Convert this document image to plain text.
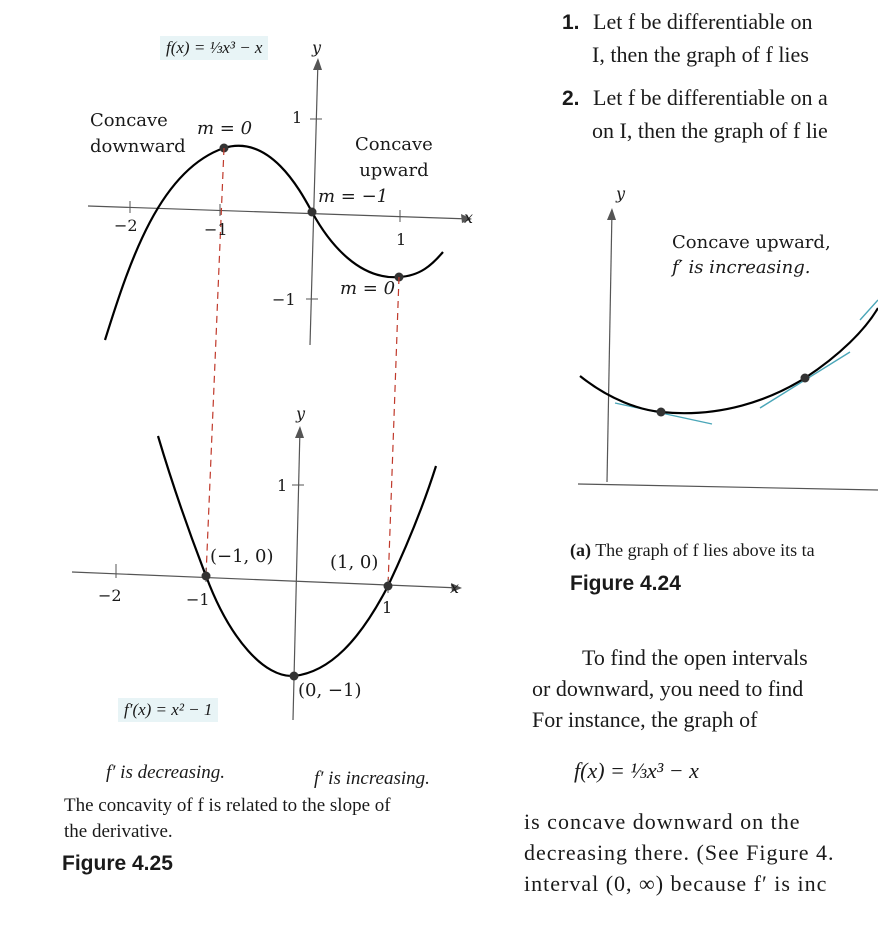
f(x) = ⅓x³ − x	y
x
Concave
downward	Concave
upward
m = 0
m = −1
m = 0
1
−1
−2	−1
1
y
x
1
−2	−1	1
(−1, 0)	(1, 0)
(0, −1)
f′(x) = x² − 1
f′ is decreasing.	f′ is increasing.
The concavity of f is related to the slope of
the derivative.
Figure 4.25
1. Let f be differentiable on
I, then the graph of f lies
2. Let f be differentiable on a
on I, then the graph of f lie
y
Concave upward,
f′ is increasing.
(a) The graph of f lies above its ta
Figure 4.24
To find the open intervals
or downward, you need to find
For instance, the graph of
f(x) = ⅓x³ − x
is concave downward on the
decreasing there. (See Figure 4.
interval (0, ∞) because f′ is inc
